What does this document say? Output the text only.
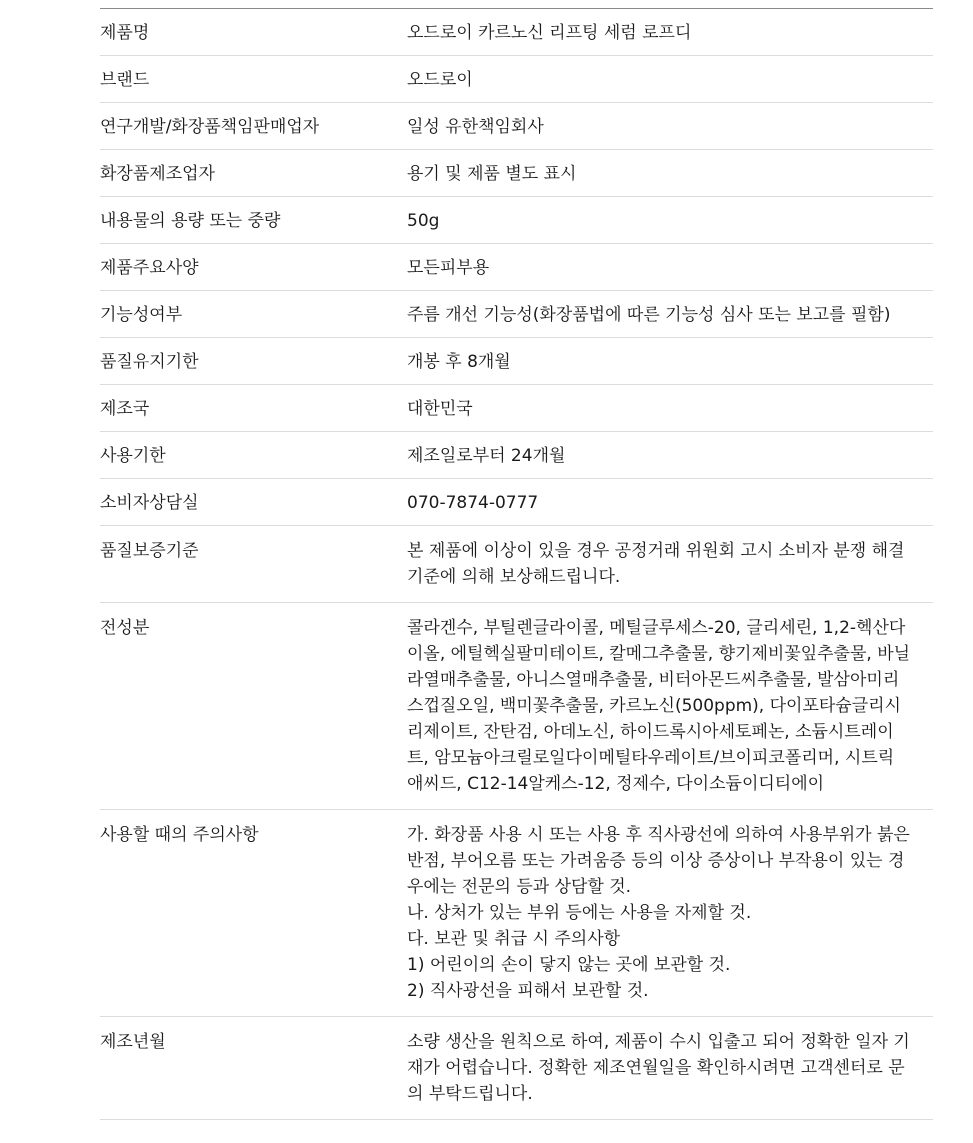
제품명	오드로이 카르노신 리프팅 세럼 로프디
브랜드	오드로이
연구개발/화장품책임판매업자	일성 유한책임회사
화장품제조업자	용기 및 제품 별도 표시
내용물의 용량 또는 중량	50g
제품주요사양	모든피부용
기능성여부	주름 개선 기능성(화장품법에 따른 기능성 심사 또는 보고를 필함)
품질유지기한	개봉 후 8개월
제조국	대한민국
사용기한	제조일로부터 24개월
소비자상담실	070-7874-0777
품질보증기준	본 제품에 이상이 있을 경우 공정거래 위원회 고시 소비자 분쟁 해결
기준에 의해 보상해드립니다.
전성분	콜라겐수, 부틸렌글라이콜, 메틸글루세스-20, 글리세린, 1,2-헥산다
이올, 에틸헥실팔미테이트, 칼메그추출물, 향기제비꽃잎추출물, 바닐
라열매추출물, 아니스열매추출물, 비터아몬드씨추출물, 발삼아미리
스껍질오일, 백미꽃추출물, 카르노신(500ppm), 다이포타슘글리시
리제이트, 잔탄검, 아데노신, 하이드록시아세토페논, 소듐시트레이
트, 암모늄아크릴로일다이메틸타우레이트/브이피코폴리머, 시트릭
애씨드, C12-14알케스-12, 정제수, 다이소듐이디티에이
사용할 때의 주의사항	가. 화장품 사용 시 또는 사용 후 직사광선에 의하여 사용부위가 붉은
반점, 부어오름 또는 가려움증 등의 이상 증상이나 부작용이 있는 경
우에는 전문의 등과 상담할 것.
나. 상처가 있는 부위 등에는 사용을 자제할 것.
다. 보관 및 취급 시 주의사항
1) 어린이의 손이 닿지 않는 곳에 보관할 것.
2) 직사광선을 피해서 보관할 것.
제조년월	소량 생산을 원칙으로 하여, 제품이 수시 입출고 되어 정확한 일자 기
재가 어렵습니다. 정확한 제조연월일을 확인하시려면 고객센터로 문
의 부탁드립니다.
